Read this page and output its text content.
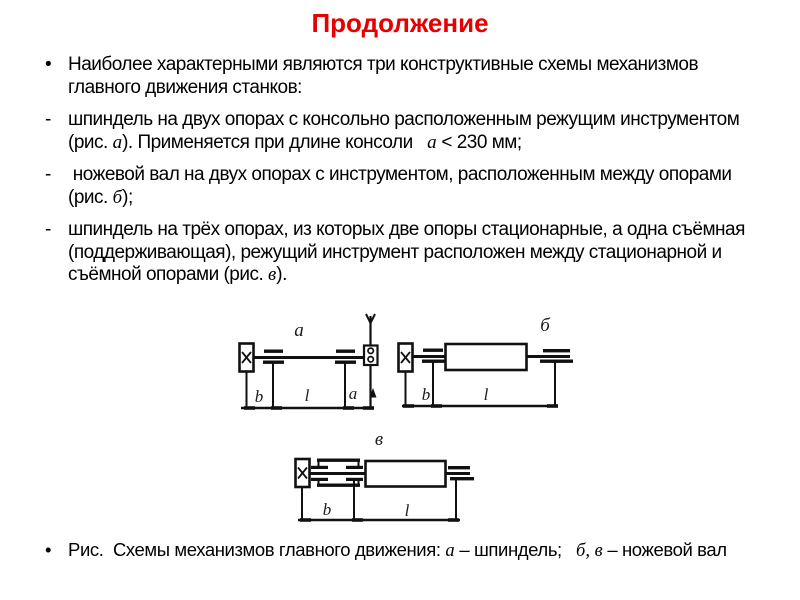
Продолжение
• Наиболее характерными являются три конструктивные схемы механизмов главного движения станков:
- шпиндель на двух опорах с консольно расположенным режущим инструментом (рис. а). Применяется при длине консоли   а < 230 мм;
- ножевой вал на двух опорах с инструментом, расположенным между опорами (рис. б);
- шпиндель на трёх опорах, из которых две опоры стационарные, а одна съёмная (поддерживающая), режущий инструмент расположен между стационарной и съёмной опорами (рис. в).
а
b l a
б
b	l
в
b	l
• Рис.  Схемы механизмов главного движения: а – шпиндель;   б, в – ножевой вал
